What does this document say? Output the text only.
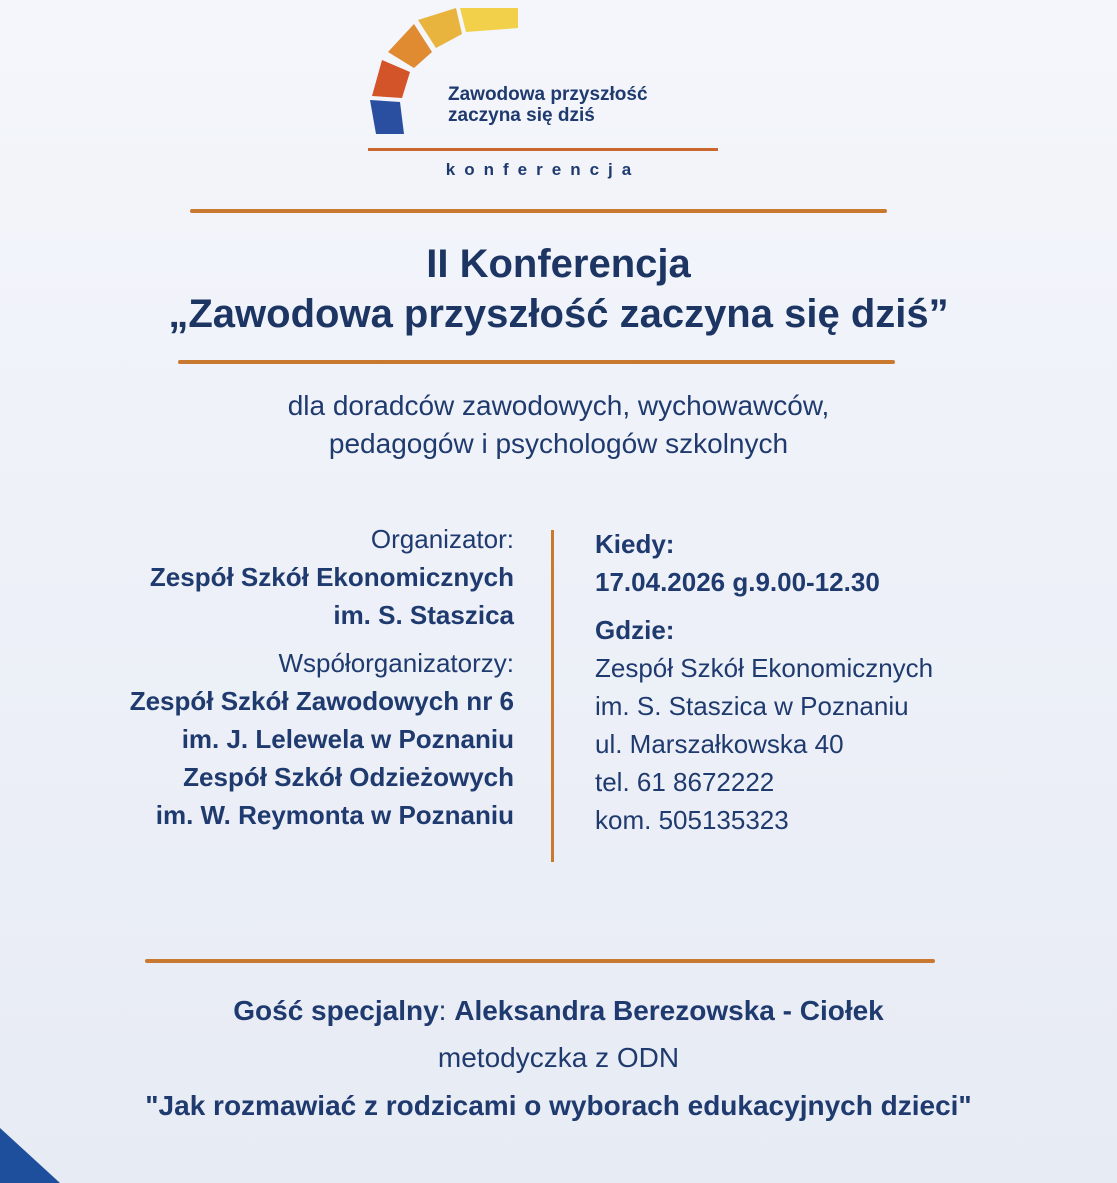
Zawodowa przyszłość
zaczyna się dziś
konferencja
II Konferencja
„Zawodowa przyszłość zaczyna się dziś”
dla doradców zawodowych, wychowawców,
pedagogów i psychologów szkolnych
Organizator:
Zespół Szkół Ekonomicznych
im. S. Staszica
Współorganizatorzy:
Zespół Szkół Zawodowych nr 6
im. J. Lelewela w Poznaniu
Zespół Szkół Odzieżowych
im. W. Reymonta w Poznaniu
Kiedy:
17.04.2026 g.9.00-12.30
Gdzie:
Zespół Szkół Ekonomicznych
im. S. Staszica w Poznaniu
ul. Marszałkowska 40
tel. 61 8672222
kom. 505135323
Gość specjalny: Aleksandra Berezowska - Ciołek
metodyczka z ODN
"Jak rozmawiać z rodzicami o wyborach edukacyjnych dzieci"
